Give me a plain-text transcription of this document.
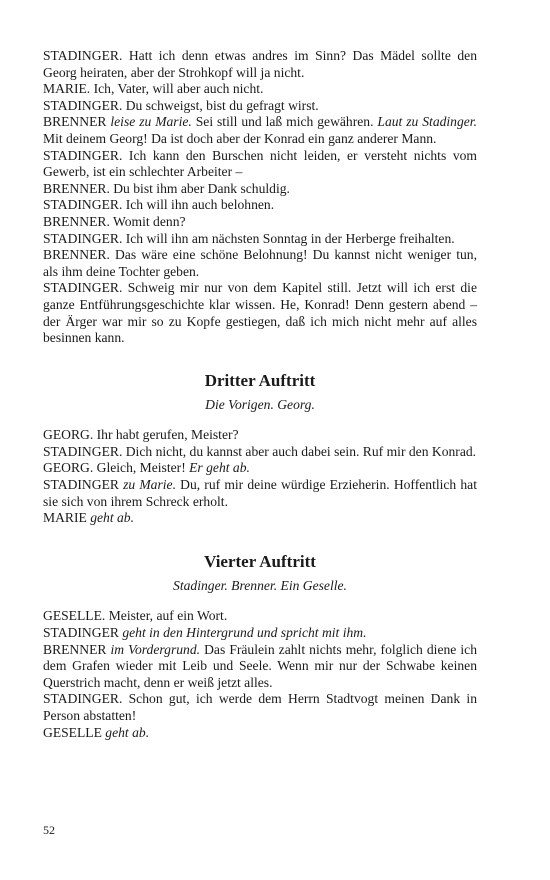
STADINGER. Hatt ich denn etwas andres im Sinn? Das Mädel sollte den Georg heiraten, aber der Strohkopf will ja nicht.

MARIE. Ich, Vater, will aber auch nicht.

STADINGER. Du schweigst, bist du gefragt wirst.

BRENNER leise zu Marie. Sei still und laß mich gewähren. Laut zu Stadinger. Mit deinem Georg! Da ist doch aber der Konrad ein ganz anderer Mann.

STADINGER. Ich kann den Burschen nicht leiden, er versteht nichts vom Gewerb, ist ein schlechter Arbeiter –

BRENNER. Du bist ihm aber Dank schuldig.

STADINGER. Ich will ihn auch belohnen.

BRENNER. Womit denn?

STADINGER. Ich will ihn am nächsten Sonntag in der Herberge freihalten.

BRENNER. Das wäre eine schöne Belohnung! Du kannst nicht weniger tun, als ihm deine Tochter geben.

STADINGER. Schweig mir nur von dem Kapitel still. Jetzt will ich erst die ganze Entführungsgeschichte klar wissen. He, Konrad! Denn gestern abend – der Ärger war mir so zu Kopfe gestiegen, daß ich mich nicht mehr auf alles besinnen kann.

Dritter Auftritt

Die Vorigen. Georg.

GEORG. Ihr habt gerufen, Meister?

STADINGER. Dich nicht, du kannst aber auch dabei sein. Ruf mir den Konrad.

GEORG. Gleich, Meister! Er geht ab.

STADINGER zu Marie. Du, ruf mir deine würdige Erzieherin. Hoffentlich hat sie sich von ihrem Schreck erholt.

MARIE geht ab.

Vierter Auftritt

Stadinger. Brenner. Ein Geselle.

GESELLE. Meister, auf ein Wort.

STADINGER geht in den Hintergrund und spricht mit ihm.

BRENNER im Vordergrund. Das Fräulein zahlt nichts mehr, folglich diene ich dem Grafen wieder mit Leib und Seele. Wenn mir nur der Schwabe keinen Querstrich macht, denn er weiß jetzt alles.

STADINGER. Schon gut, ich werde dem Herrn Stadtvogt meinen Dank in Person abstatten!

GESELLE geht ab.

52
